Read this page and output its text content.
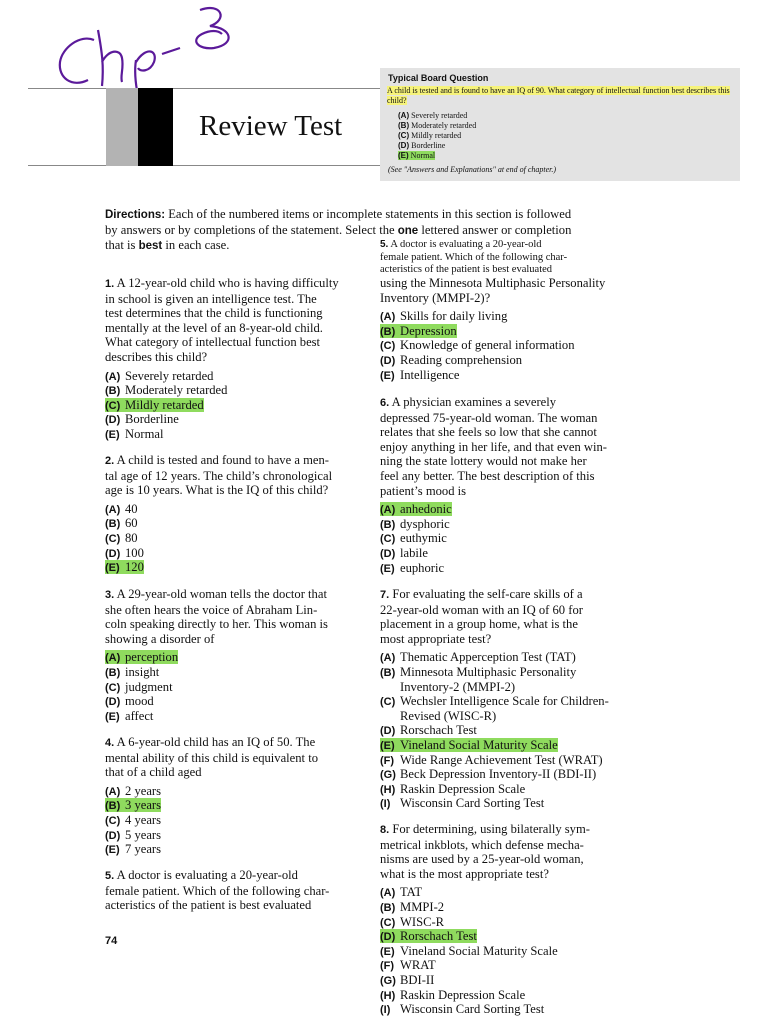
Review Test
Typical Board Question
A child is tested and is found to have an IQ of 90. What category of intellectual function best describes this child?
(A) Severely retarded
(B) Moderately retarded
(C) Mildly retarded
(D) Borderline
(E) Normal
(See "Answers and Explanations" at end of chapter.)
Directions: Each of the numbered items or incomplete statements in this section is followed
by answers or by completions of the statement. Select the one lettered answer or completion
that is best in each case.
1. A 12-year-old child who is having difficulty
in school is given an intelligence test. The
test determines that the child is functioning
mentally at the level of an 8-year-old child.
What category of intellectual function best
describes this child?
(A) Severely retarded
(B) Moderately retarded
(C) Mildly retarded
(D) Borderline
(E) Normal
2. A child is tested and found to have a men-
tal age of 12 years. The child’s chronological
age is 10 years. What is the IQ of this child?
(A) 40
(B) 60
(C) 80
(D) 100
(E) 120
3. A 29-year-old woman tells the doctor that
she often hears the voice of Abraham Lin-
coln speaking directly to her. This woman is
showing a disorder of
(A) perception
(B) insight
(C) judgment
(D) mood
(E) affect
4. A 6-year-old child has an IQ of 50. The
mental ability of this child is equivalent to
that of a child aged
(A) 2 years
(B) 3 years
(C) 4 years
(D) 5 years
(E) 7 years
5. A doctor is evaluating a 20-year-old
female patient. Which of the following char-
acteristics of the patient is best evaluated
74
5. A doctor is evaluating a 20-year-old
female patient. Which of the following char-
acteristics of the patient is best evaluated
using the Minnesota Multiphasic Personality
Inventory (MMPI-2)?
(A) Skills for daily living
(B) Depression
(C) Knowledge of general information
(D) Reading comprehension
(E) Intelligence
6. A physician examines a severely
depressed 75-year-old woman. The woman
relates that she feels so low that she cannot
enjoy anything in her life, and that even win-
ning the state lottery would not make her
feel any better. The best description of this
patient’s mood is
(A) anhedonic
(B) dysphoric
(C) euthymic
(D) labile
(E) euphoric
7. For evaluating the self-care skills of a
22-year-old woman with an IQ of 60 for
placement in a group home, what is the
most appropriate test?
(A) Thematic Apperception Test (TAT)
(B) Minnesota Multiphasic Personality
Inventory-2 (MMPI-2)
(C) Wechsler Intelligence Scale for Children-
Revised (WISC-R)
(D) Rorschach Test
(E) Vineland Social Maturity Scale
(F) Wide Range Achievement Test (WRAT)
(G) Beck Depression Inventory-II (BDI-II)
(H) Raskin Depression Scale
(I) Wisconsin Card Sorting Test
8. For determining, using bilaterally sym-
metrical inkblots, which defense mecha-
nisms are used by a 25-year-old woman,
what is the most appropriate test?
(A) TAT
(B) MMPI-2
(C) WISC-R
(D) Rorschach Test
(E) Vineland Social Maturity Scale
(F) WRAT
(G) BDI-II
(H) Raskin Depression Scale
(I) Wisconsin Card Sorting Test
